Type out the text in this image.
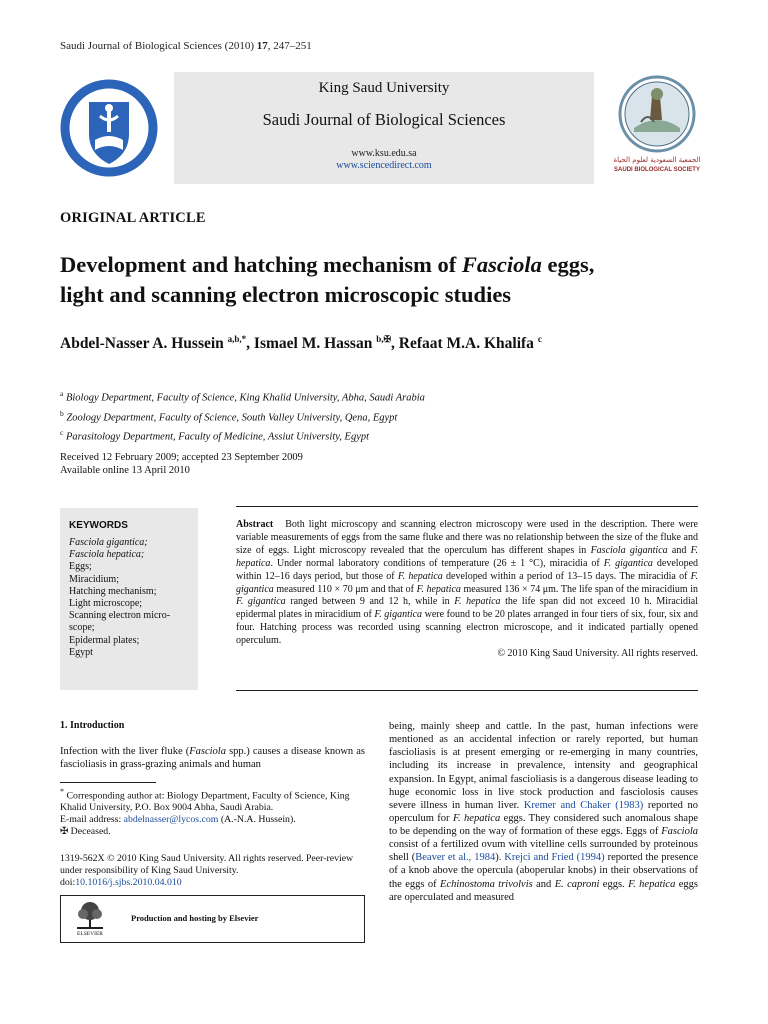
Saudi Journal of Biological Sciences (2010) 17, 247–251
King Saud University
Saudi Journal of Biological Sciences
www.ksu.edu.sa
www.sciencedirect.com	الجمعية السعودية لعلوم الحياة
SAUDI BIOLOGICAL SOCIETY
ORIGINAL ARTICLE
Development and hatching mechanism of Fasciola eggs,
light and scanning electron microscopic studies
Abdel-Nasser A. Hussein $^{a,b,*}$, Ismael M. Hassan $^{b,✠}$, Refaat M.A. Khalifa $^c$
$^a$ Biology Department, Faculty of Science, King Khalid University, Abha, Saudi Arabia
$^b$ Zoology Department, Faculty of Science, South Valley University, Qena, Egypt
$^c$ Parasitology Department, Faculty of Medicine, Assiut University, Egypt
Received 12 February 2009; accepted 23 September 2009
Available online 13 April 2010
KEYWORDS
Fasciola gigantica;
Fasciola hepatica;
Eggs;
Miracidium;
Hatching mechanism;
Light microscope;
Scanning electron micro-
scope;
Epidermal plates;
Egypt
Abstract Both light microscopy and scanning electron microscopy were used in the description. There were variable measurements of eggs from the same fluke and there was no relationship between the size of the fluke and size of eggs. Light microscopy revealed that the operculum has different shapes in Fasciola gigantica and F. hepatica. Under normal laboratory conditions of temperature (26 ± 1 °C), miracidia of F. gigantica developed within 12–16 days period, but those of F. hepatica developed within a period of 13–15 days. The miracidia of F. gigantica measured 110 × 70 μm and that of F. hepatica measured 136 × 74 μm. The life span of the miracidium in F. gigantica ranged between 9 and 12 h, while in F. hepatica the life span did not exceed 10 h. Miracidial epidermal plates in miracidium of F. gigantica were found to be 20 plates arranged in four tiers of six, four, six and four. Hatching process was recorded using scanning electron microscope, and it indicated partially opened operculum.
© 2010 King Saud University. All rights reserved.
1. Introduction
Infection with the liver fluke (Fasciola spp.) causes a disease known as fascioliasis in grass-grazing animals and human
* Corresponding author at: Biology Department, Faculty of Science, King Khalid University, P.O. Box 9004 Abha, Saudi Arabia.
E-mail address: abdelnasser@lycos.com (A.-N.A. Hussein).
✠ Deceased.
1319-562X © 2010 King Saud University. All rights reserved. Peer-review under responsibility of King Saud University.
doi:10.1016/j.sjbs.2010.04.010
ELSEVIER
Production and hosting by Elsevier
being, mainly sheep and cattle. In the past, human infections were mentioned as an accidental infection or rarely reported, but human fascioliasis is at present emerging or re-emerging in many countries, including its increase in prevalence, intensity and geographical expansion. In Egypt, animal fascioliasis is a dangerous disease leading to huge economic loss in live stock production and fasciolosis causes severe illness in human liver. Kremer and Chaker (1983) reported no operculum for F. hepatica eggs. They considered such anomalous shape to be depending on the way of formation of these eggs. Eggs of Fasciola consist of a fertilized ovum with vitelline cells surrounded by proteinous shell (Beaver et al., 1984). Krejci and Fried (1994) reported the presence of a knob above the opercula (aboperular knobs) in their observations of the eggs of Echinostoma trivolvis and E. caproni eggs. F. hepatica eggs are operculated and measured
